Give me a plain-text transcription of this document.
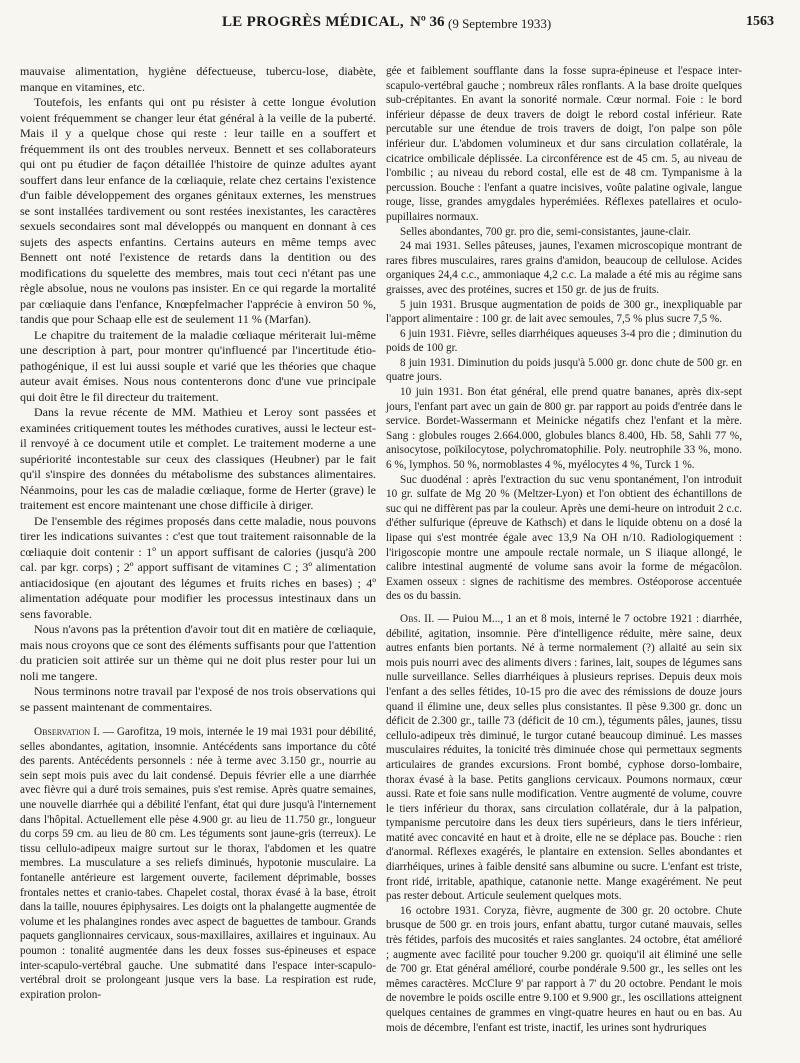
LE PROGRÈS MÉDICAL, Nº 36 (9 Septembre 1933)	1563

mauvaise alimentation, hygiène défectueuse, tubercu-lose, diabète, manque en vitamines, etc.

Toutefois, les enfants qui ont pu résister à cette longue évolution voient fréquemment se changer leur état général à la veille de la puberté. Mais il y a quelque chose qui reste : leur taille en a souffert et fréquemment ils ont des troubles nerveux. Bennett et ses collaborateurs qui ont pu étudier de façon détaillée l'histoire de quinze adultes ayant souffert dans leur enfance de la cœliaquie, relate chez certains l'existence d'un faible développement des organes génitaux externes, les menstrues se sont installées tardivement ou sont restées inexistantes, les caractères sexuels secondaires sont mal développés ou manquent en donnant à ces sujets des aspects enfantins. Certains auteurs en même temps avec Bennett ont noté l'existence de retards dans la dentition ou des modifications du squelette des membres, mais tout ceci n'étant pas une règle absolue, nous ne voulons pas insister. En ce qui regarde la mortalité par cœliaquie dans l'enfance, Knœpfelmacher l'apprécie à environ 50 %, tandis que pour Schaap elle est de seulement 11 % (Marfan).

Le chapitre du traitement de la maladie cœliaque mériterait lui-même une description à part, pour montrer qu'influencé par l'incertitude étio-pathogénique, il est lui aussi souple et varié que les théories que chaque auteur avait émises. Nous nous contenterons donc d'une vue principale qui doit être le fil directeur du traitement.

Dans la revue récente de MM. Mathieu et Leroy sont passées et examinées critiquement toutes les méthodes curatives, aussi le lecteur est-il renvoyé à ce document utile et complet. Le traitement moderne a une supériorité incontestable sur ceux des classiques (Heubner) par le fait qu'il s'inspire des données du métabolisme des substances alimentaires. Néanmoins, pour les cas de maladie cœliaque, forme de Herter (grave) le traitement est encore maintenant une chose difficile à diriger.

De l'ensemble des régimes proposés dans cette maladie, nous pouvons tirer les indications suivantes : c'est que tout traitement raisonnable de la cœliaquie doit contenir : 1º un apport suffisant de calories (jusqu'à 200 cal. par kgr. corps) ; 2º apport suffisant de vitamines C ; 3º alimentation antiacidosique (en ajoutant des légumes et fruits riches en bases) ; 4º alimentation adéquate pour modifier les processus intestinaux dans un sens favorable.

Nous n'avons pas la prétention d'avoir tout dit en matière de cœliaquie, mais nous croyons que ce sont des éléments suffisants pour que l'attention du praticien soit attirée sur un thème qui ne doit plus rester pour lui un noli me tangere.

Nous terminons notre travail par l'exposé de nos trois observations qui se passent maintenant de commentaires.

Observation I. — Garofitza, 19 mois, internée le 19 mai 1931 pour débilité, selles abondantes, agitation, insomnie. Antécédents sans importance du côté des parents. Antécédents personnels : née à terme avec 3.150 gr., nourrie au sein sept mois puis avec du lait condensé. Depuis février elle a une diarrhée avec fièvre qui a duré trois semaines, puis s'est remise. Après quatre semaines, une nouvelle diarrhée qui a débilité l'enfant, état qui dure jusqu'à l'internement dans l'hôpital. Actuellement elle pèse 4.900 gr. au lieu de 11.750 gr., longueur du corps 59 cm. au lieu de 80 cm. Les téguments sont jaune-gris (terreux). Le tissu cellulo-adipeux maigre surtout sur le thorax, l'abdomen et les quatre membres. La musculature a ses reliefs diminués, hypotonie musculaire. La fontanelle antérieure est largement ouverte, facilement déprimable, bosses frontales nettes et cranio-tabes. Chapelet costal, thorax évasé à la base, étroit dans la taille, nouures épiphysaires. Les doigts ont la phalangette augmentée de volume et les phalangines rondes avec aspect de baguettes de tambour. Grands paquets ganglionnaires cervicaux, sous-maxillaires, axillaires et inguinaux. Au poumon : tonalité augmentée dans les deux fosses sus-épineuses et espace inter-scapulo-vertébral gauche. Une submatité dans l'espace inter-scapulo-vertébral droit se prolongeant jusque vers la base. La respiration est rude, expiration prolon-

gée et faiblement soufflante dans la fosse supra-épineuse et l'espace inter-scapulo-vertébral gauche ; nombreux râles ronflants. A la base droite quelques sub-crépitantes. En avant la sonorité normale. Cœur normal. Foie : le bord inférieur dépasse de deux travers de doigt le rebord costal inférieur. Rate percutable sur une étendue de trois travers de doigt, l'on palpe son pôle inférieur dur. L'abdomen volumineux et dur sans circulation collatérale, la cicatrice ombilicale déplissée. La circonférence est de 45 cm. 5, au niveau de l'ombilic ; au niveau du rebord costal, elle est de 48 cm. Tympanisme à la percussion. Bouche : l'enfant a quatre incisives, voûte palatine ogivale, langue rouge, lisse, grandes amygdales hyperémiées. Réflexes patellaires et oculo-pupillaires normaux.

Selles abondantes, 700 gr. pro die, semi-consistantes, jaune-clair.

24 mai 1931. Selles pâteuses, jaunes, l'examen microscopique montrant de rares fibres musculaires, rares grains d'amidon, beaucoup de cellulose. Acides organiques 24,4 c.c., ammoniaque 4,2 c.c. La malade a été mis au régime sans graisses, avec des protéines, sucres et 150 gr. de jus de fruits.

5 juin 1931. Brusque augmentation de poids de 300 gr., inexpliquable par l'apport alimentaire : 100 gr. de lait avec semoules, 7,5 % plus sucre 7,5 %.

6 juin 1931. Fièvre, selles diarrhéiques aqueuses 3-4 pro die ; diminution du poids de 100 gr.

8 juin 1931. Diminution du poids jusqu'à 5.000 gr. donc chute de 500 gr. en quatre jours.

10 juin 1931. Bon état général, elle prend quatre bananes, après dix-sept jours, l'enfant part avec un gain de 800 gr. par rapport au poids d'entrée dans le service. Bordet-Wassermann et Meinicke négatifs chez l'enfant et la mère. Sang : globules rouges 2.664.000, globules blancs 8.400, Hb. 58, Sahli 77 %, anisocytose, poïkilocytose, polychromatophilie. Poly. neutrophile 33 %, mono. 6 %, lymphos. 50 %, normoblastes 4 %, myélocytes 4 %, Turck 1 %.

Suc duodénal : après l'extraction du suc venu spontanément, l'on introduit 10 gr. sulfate de Mg 20 % (Meltzer-Lyon) et l'on obtient des échantillons de suc qui ne diffèrent pas par la couleur. Après une demi-heure on introduit 2 c.c. d'éther sulfurique (épreuve de Kathsch) et dans le liquide obtenu on a dosé la lipase qui s'est montrée égale avec 13,9 Na OH n/10. Radiologiquement : l'irigoscopie montre une ampoule rectale normale, un S iliaque allongé, le calibre intestinal augmenté de volume sans avoir la forme de mégacôlon. Examen osseux : signes de rachitisme des membres. Ostéoporose accentuée des os du bassin.

Obs. II. — Puiou M..., 1 an et 8 mois, interné le 7 octobre 1921 : diarrhée, débilité, agitation, insomnie. Père d'intelligence réduite, mère saine, deux autres enfants bien portants. Né à terme normalement (?) allaité au sein six mois puis nourri avec des aliments divers : farines, lait, soupes de légumes sans nulle surveillance. Selles diarrhéiques à plusieurs reprises. Depuis deux mois l'enfant a des selles fétides, 10-15 pro die avec des rémissions de douze jours quand il élimine une, deux selles plus consistantes. Il pèse 9.300 gr. donc un déficit de 2.300 gr., taille 73 (déficit de 10 cm.), téguments pâles, jaunes, tissu cellulo-adipeux très diminué, le turgor cutané beaucoup diminué. Les masses musculaires réduites, la tonicité très diminuée chose qui permettaux segments articulaires de grandes excursions. Front bombé, cyphose dorso-lombaire, thorax évasé à la base. Petits ganglions cervicaux. Poumons normaux, cœur aussi. Rate et foie sans nulle modification. Ventre augmenté de volume, couvre le tiers inférieur du thorax, sans circulation collatérale, dur à la palpation, tympanisme percutoire dans les deux tiers supérieurs, dans le tiers inférieur, matité avec concavité en haut et à droite, elle ne se déplace pas. Bouche : rien d'anormal. Réflexes exagérés, le plantaire en extension. Selles abondantes et diarrhéiques, urines à faible densité sans albumine ou sucre. L'enfant est triste, front ridé, irritable, apathique, catanonie nette. Mange exagérément. Ne peut pas rester debout. Articule seulement quelques mots.

16 octobre 1931. Coryza, fièvre, augmente de 300 gr. 20 octobre. Chute brusque de 500 gr. en trois jours, enfant abattu, turgor cutané mauvais, selles très fétides, parfois des mucosités et raies sanglantes. 24 octobre, état amélioré ; augmente avec facilité pour toucher 9.200 gr. quoiqu'il ait éliminé une selle de 700 gr. Etat général amélioré, courbe pondérale 9.500 gr., les selles ont les mêmes caractères. McClure 9' par rapport à 7' du 20 octobre. Pendant le mois de novembre le poids oscille entre 9.100 et 9.900 gr., les oscillations atteignent quelques centaines de grammes en vingt-quatre heures en haut ou en bas. Au mois de décembre, l'enfant est triste, inactif, les urines sont hydruriques
